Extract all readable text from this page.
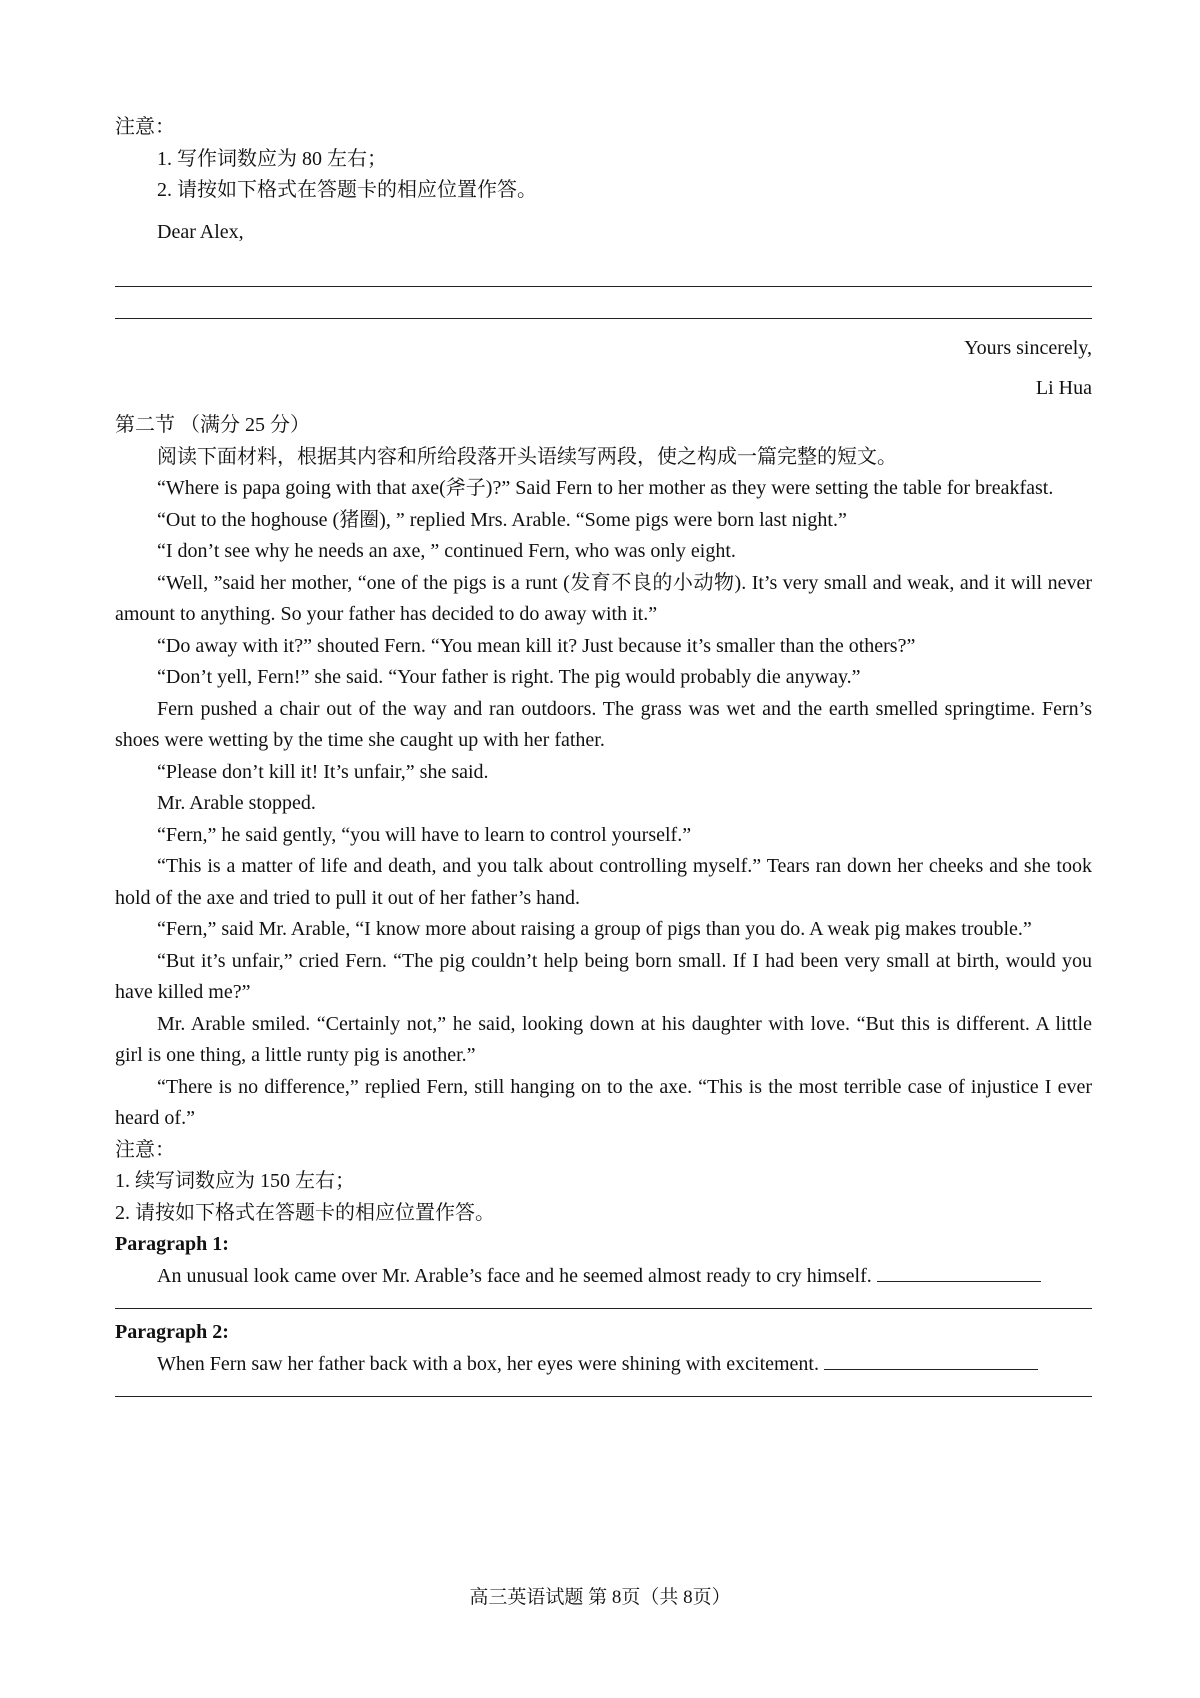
注意：

1. 写作词数应为 80 左右；

2. 请按如下格式在答题卡的相应位置作答。

Dear Alex,

Yours sincerely,

Li Hua

第二节 （满分 25 分）

阅读下面材料，根据其内容和所给段落开头语续写两段，使之构成一篇完整的短文。

“Where is papa going with that axe(斧子)?” Said Fern to her mother as they were setting the table for breakfast.

“Out to the hoghouse (猪圈), ” replied Mrs. Arable. “Some pigs were born last night.”

“I don’t see why he needs an axe, ” continued Fern, who was only eight.

“Well, ”said her mother, “one of the pigs is a runt (发育不良的小动物). It’s very small and weak, and it will never amount to anything. So your father has decided to do away with it.”

“Do away with it?” shouted Fern. “You mean kill it? Just because it’s smaller than the others?”

“Don’t yell, Fern!” she said. “Your father is right. The pig would probably die anyway.”

Fern pushed a chair out of the way and ran outdoors. The grass was wet and the earth smelled springtime. Fern’s shoes were wetting by the time she caught up with her father.

“Please don’t kill it! It’s unfair,” she said.

Mr. Arable stopped.

“Fern,” he said gently, “you will have to learn to control yourself.”

“This is a matter of life and death, and you talk about controlling myself.” Tears ran down her cheeks and she took hold of the axe and tried to pull it out of her father’s hand.

“Fern,” said Mr. Arable, “I know more about raising a group of pigs than you do. A weak pig makes trouble.”

“But it’s unfair,” cried Fern. “The pig couldn’t help being born small. If I had been very small at birth, would you have killed me?”

Mr. Arable smiled. “Certainly not,” he said, looking down at his daughter with love. “But this is different. A little girl is one thing, a little runty pig is another.”

“There is no difference,” replied Fern, still hanging on to the axe. “This is the most terrible case of injustice I ever heard of.”

注意：

1. 续写词数应为 150 左右；

2. 请按如下格式在答题卡的相应位置作答。

Paragraph 1:

An unusual look came over Mr. Arable’s face and he seemed almost ready to cry himself.

Paragraph 2:

When Fern saw her father back with a box, her eyes were shining with excitement.

高三英语试题 第 8页（共 8页）
